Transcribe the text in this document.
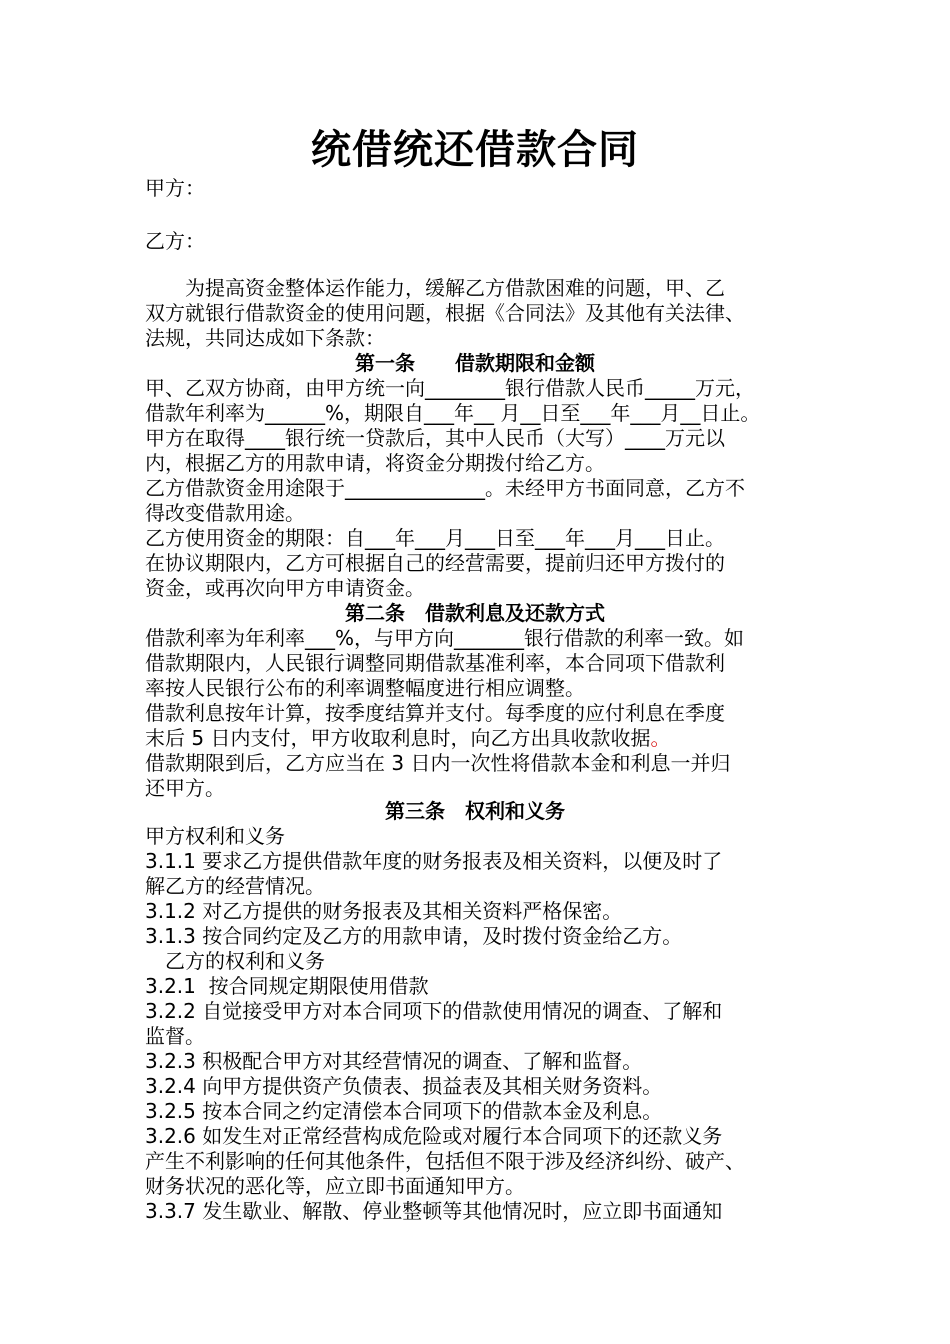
统借统还借款合同

甲方：

乙方：

　　为提高资金整体运作能力，缓解乙方借款困难的问题，甲、乙

双方就银行借款资金的使用问题，根据《合同法》及其他有关法律、

法规，共同达成如下条款：

第一条　　借款期限和金额

甲、乙双方协商，由甲方统一向________银行借款人民币_____万元，

借款年利率为______%，期限自___年__ 月__日至___年___月__日止。

甲方在取得____银行统一贷款后，其中人民币（大写）____万元以

内，根据乙方的用款申请，将资金分期拨付给乙方。

乙方借款资金用途限于______________。未经甲方书面同意，乙方不

得改变借款用途。

乙方使用资金的期限：自___年___月___日至___年___月___日止。

在协议期限内，乙方可根据自己的经营需要，提前归还甲方拨付的

资金，或再次向甲方申请资金。

第二条　借款利息及还款方式

借款利率为年利率___%，与甲方向_______银行借款的利率一致。如

借款期限内，人民银行调整同期借款基准利率，本合同项下借款利

率按人民银行公布的利率调整幅度进行相应调整。

借款利息按年计算，按季度结算并支付。每季度的应付利息在季度

末后 5 日内支付，甲方收取利息时，向乙方出具收款收据。

借款期限到后，乙方应当在 3 日内一次性将借款本金和利息一并归

还甲方。

第三条　权利和义务

甲方权利和义务

3.1.1 要求乙方提供借款年度的财务报表及相关资料，以便及时了

解乙方的经营情况。

3.1.2 对乙方提供的财务报表及其相关资料严格保密。

3.1.3 按合同约定及乙方的用款申请，及时拨付资金给乙方。

　乙方的权利和义务

3.2.1  按合同规定期限使用借款

3.2.2 自觉接受甲方对本合同项下的借款使用情况的调查、了解和

监督。

3.2.3 积极配合甲方对其经营情况的调查、了解和监督。

3.2.4 向甲方提供资产负债表、损益表及其相关财务资料。

3.2.5 按本合同之约定清偿本合同项下的借款本金及利息。

3.2.6 如发生对正常经营构成危险或对履行本合同项下的还款义务

产生不利影响的任何其他条件，包括但不限于涉及经济纠纷、破产、

财务状况的恶化等，应立即书面通知甲方。

3.3.7 发生歇业、解散、停业整顿等其他情况时，应立即书面通知
